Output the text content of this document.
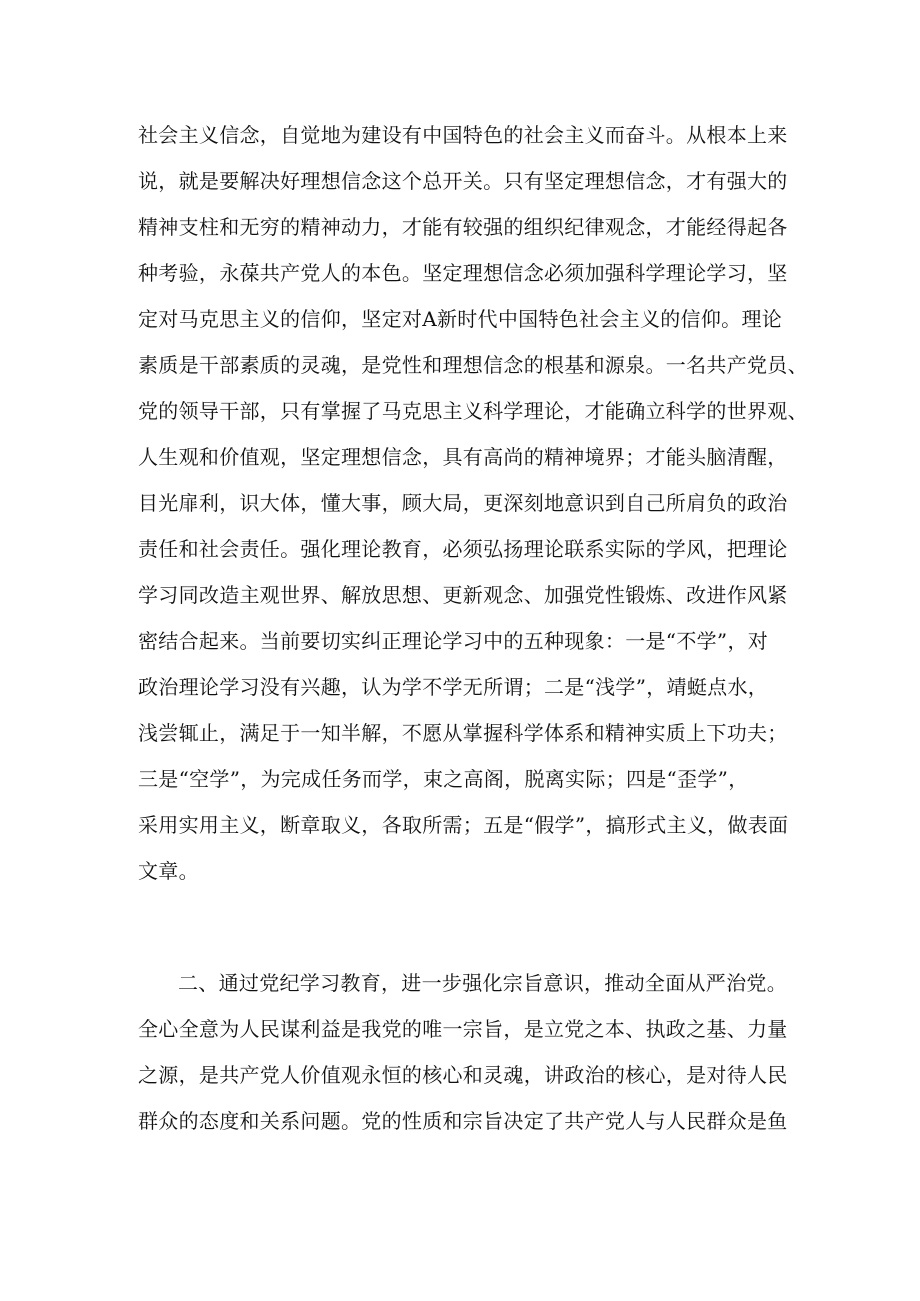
社会主义信念，自觉地为建设有中国特色的社会主义而奋斗。从根本上来
说，就是要解决好理想信念这个总开关。只有坚定理想信念，才有强大的
精神支柱和无穷的精神动力，才能有较强的组织纪律观念，才能经得起各
种考验，永葆共产党人的本色。坚定理想信念必须加强科学理论学习，坚
定对马克思主义的信仰，坚定对A新时代中国特色社会主义的信仰。理论
素质是干部素质的灵魂，是党性和理想信念的根基和源泉。一名共产党员、
党的领导干部，只有掌握了马克思主义科学理论，才能确立科学的世界观、
人生观和价值观，坚定理想信念，具有高尚的精神境界；才能头脑清醒，
目光扉利，识大体，懂大事，顾大局，更深刻地意识到自己所肩负的政治
责任和社会责任。强化理论教育，必须弘扬理论联系实际的学风，把理论
学习同改造主观世界、解放思想、更新观念、加强党性锻炼、改进作风紧
密结合起来。当前要切实纠正理论学习中的五种现象：一是“不学”，对
政治理论学习没有兴趣，认为学不学无所谓；二是“浅学”，靖蜓点水，
浅尝辄止，满足于一知半解，不愿从掌握科学体系和精神实质上下功夫；
三是“空学”，为完成任务而学，束之高阁，脱离实际；四是“歪学”，
采用实用主义，断章取义，各取所需；五是“假学”，搞形式主义，做表面
文章。
二、通过党纪学习教育，进一步强化宗旨意识，推动全面从严治党。
全心全意为人民谋利益是我党的唯一宗旨，是立党之本、执政之基、力量
之源，是共产党人价值观永恒的核心和灵魂，讲政治的核心，是对待人民
群众的态度和关系问题。党的性质和宗旨决定了共产党人与人民群众是鱼
